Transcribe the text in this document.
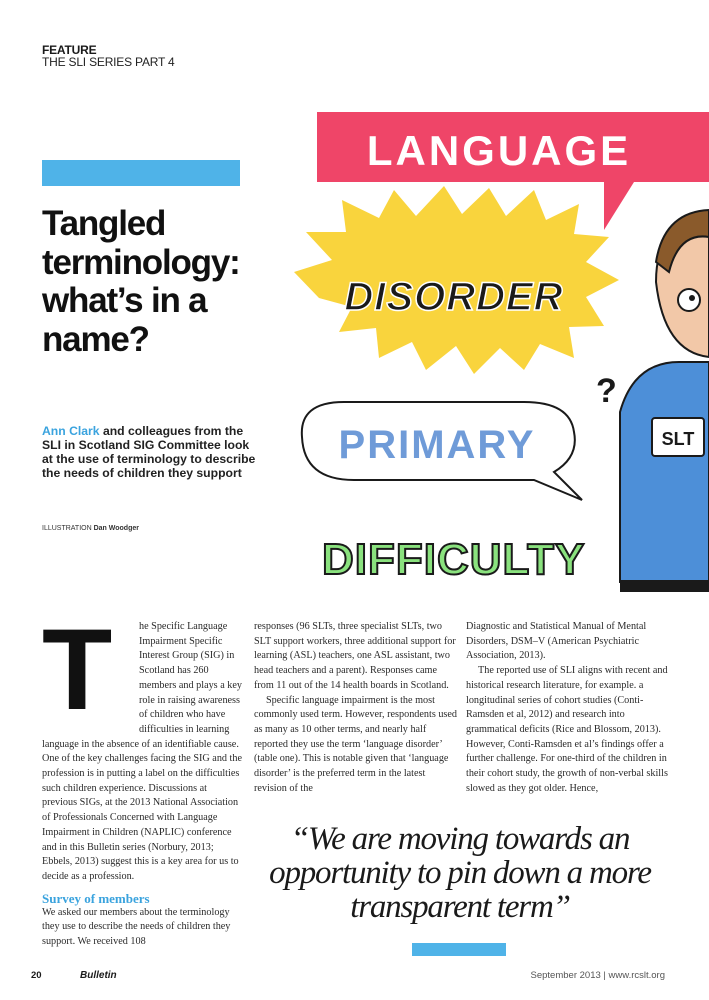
FEATURE
THE SLI SERIES PART 4
Tangled terminology: what’s in a name?
Ann Clark and colleagues from the SLI in Scotland SIG Committee look at the use of terminology to describe the needs of children they support
ILLUSTRATION Dan Woodger
LANGUAGE
DISORDER
?
PRIMARY
DIFFICULTY
SLT
T	he Specific Language Impairment Specific Interest Group (SIG) in Scotland has 260 members and plays a key role in raising awareness of children who have difficulties in learning language in the absence of an identifiable cause. One of the key challenges facing the SIG and the profession is in putting a label on the difficulties such children experience. Discussions at previous SIGs, at the 2013 National Association of Professionals Concerned with Language Impairment in Children (NAPLIC) conference and in this Bulletin series (Norbury, 2013; Ebbels, 2013) suggest this is a key area for us to decide as a profession.

Survey of members

We asked our members about the terminology they use to describe the needs of children they support. We received 108

responses (96 SLTs, three specialist SLTs, two SLT support workers, three additional support for learning (ASL) teachers, one ASL assistant, two head teachers and a parent). Responses came from 11 out of the 14 health boards in Scotland.

Specific language impairment is the most commonly used term. However, respondents used as many as 10 other terms, and nearly half reported they use the term ‘language disorder’ (table one). This is notable given that ‘language disorder’ is the preferred term in the latest revision of the

Diagnostic and Statistical Manual of Mental Disorders, DSM–V (American Psychiatric Association, 2013).

The reported use of SLI aligns with recent and historical research literature, for example. a longitudinal series of cohort studies (Conti-Ramsden et al, 2012) and research into grammatical deficits (Rice and Blossom, 2013). However, Conti-Ramsden et al’s findings offer a further challenge. For one-third of the children in their cohort study, the growth of non-verbal skills slowed as they got older. Hence,

“We are moving towards an opportunity to pin down a more transparent term”
20	Bulletin	September 2013 | www.rcslt.org
